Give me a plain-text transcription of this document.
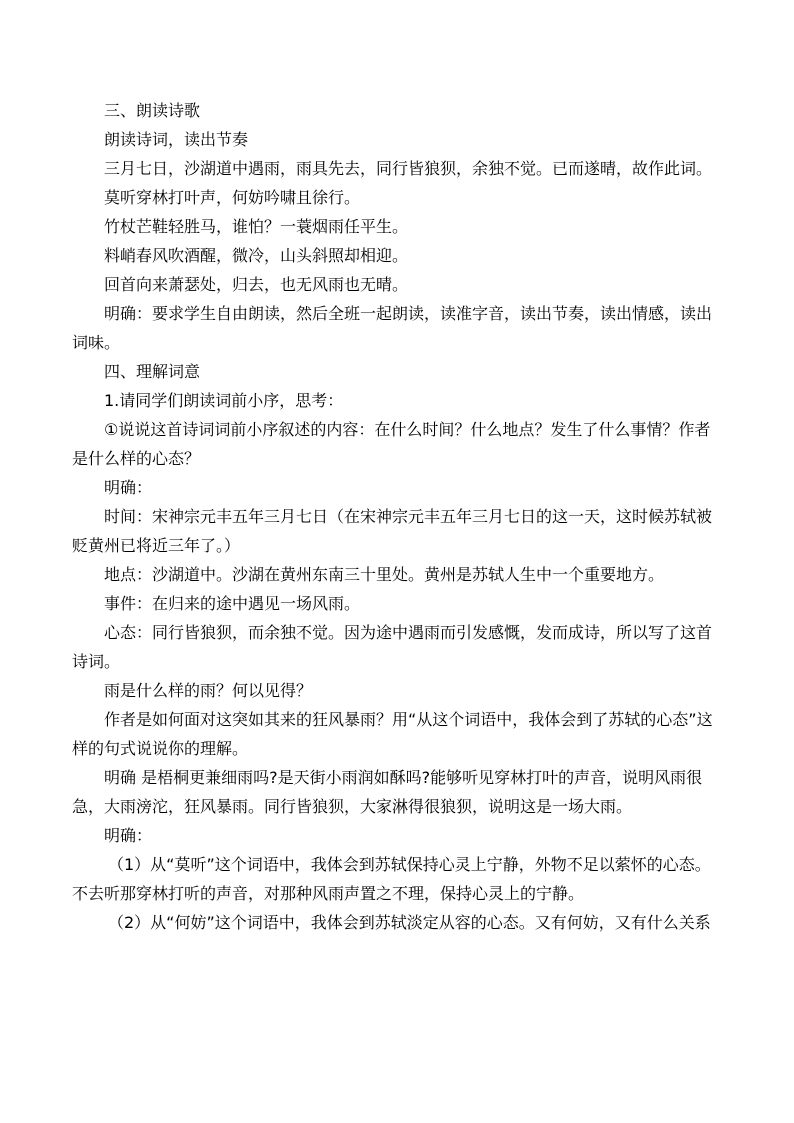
三、朗读诗歌

朗读诗词，读出节奏

三月七日，沙湖道中遇雨，雨具先去，同行皆狼狈，余独不觉。已而遂晴，故作此词。

莫听穿林打叶声，何妨吟啸且徐行。

竹杖芒鞋轻胜马，谁怕？一蓑烟雨任平生。

料峭春风吹酒醒，微冷，山头斜照却相迎。

回首向来萧瑟处，归去，也无风雨也无晴。

明确：要求学生自由朗读，然后全班一起朗读，读准字音，读出节奏，读出情感，读出词味。

四、理解词意

1.请同学们朗读词前小序，思考：

①说说这首诗词词前小序叙述的内容：在什么时间？什么地点？发生了什么事情？作者是什么样的心态？

明确：

时间：宋神宗元丰五年三月七日（在宋神宗元丰五年三月七日的这一天，这时候苏轼被贬黄州已将近三年了。）

地点：沙湖道中。沙湖在黄州东南三十里处。黄州是苏轼人生中一个重要地方。

事件：在归来的途中遇见一场风雨。

心态：同行皆狼狈，而余独不觉。因为途中遇雨而引发感慨，发而成诗，所以写了这首诗词。

雨是什么样的雨？何以见得？

作者是如何面对这突如其来的狂风暴雨？用“从这个词语中，我体会到了苏轼的心态”这样的句式说说你的理解。

明确 是梧桐更兼细雨吗?是天街小雨润如酥吗?能够听见穿林打叶的声音，说明风雨很急，大雨滂沱，狂风暴雨。同行皆狼狈，大家淋得很狼狈，说明这是一场大雨。

明确：

（1）从“莫听”这个词语中，我体会到苏轼保持心灵上宁静，外物不足以萦怀的心态。不去听那穿林打听的声音，对那种风雨声置之不理，保持心灵上的宁静。

（2）从“何妨”这个词语中，我体会到苏轼淡定从容的心态。又有何妨，又有什么关系
